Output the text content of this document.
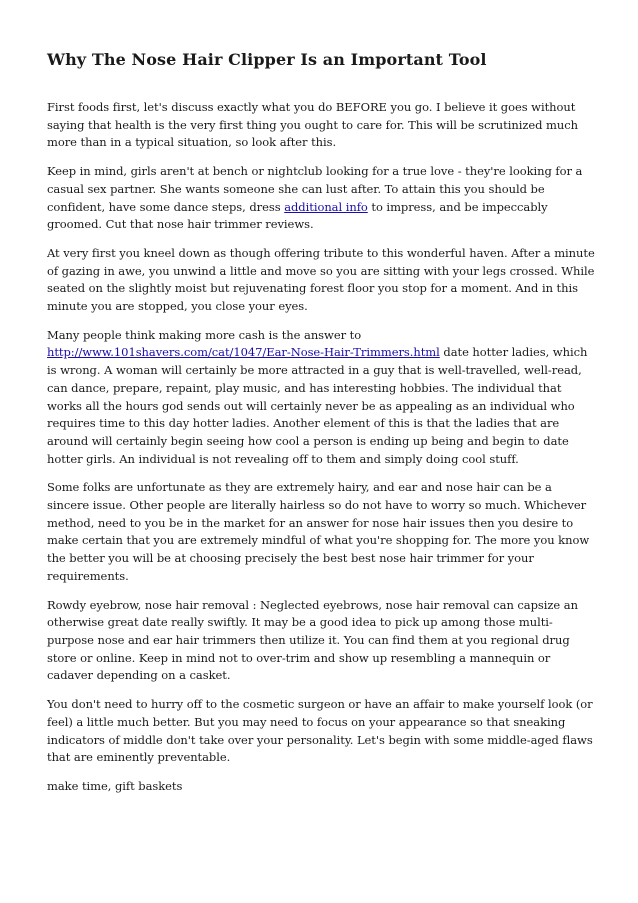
Why The Nose Hair Clipper Is an Important Tool

First foods first, let's discuss exactly what you do BEFORE you go. I believe it goes without saying that health is the very first thing you ought to care for. This will be scrutinized much more than in a typical situation, so look after this.

Keep in mind, girls aren't at bench or nightclub looking for a true love - they're looking for a casual sex partner. She wants someone she can lust after. To attain this you should be confident, have some dance steps, dress additional info to impress, and be impeccably groomed. Cut that nose hair trimmer reviews.

At very first you kneel down as though offering tribute to this wonderful haven. After a minute of gazing in awe, you unwind a little and move so you are sitting with your legs crossed. While seated on the slightly moist but rejuvenating forest floor you stop for a moment. And in this minute you are stopped, you close your eyes.

Many people think making more cash is the answer to http://www.101shavers.com/cat/1047/Ear-Nose-Hair-Trimmers.html date hotter ladies, which is wrong. A woman will certainly be more attracted in a guy that is well-travelled, well-read, can dance, prepare, repaint, play music, and has interesting hobbies. The individual that works all the hours god sends out will certainly never be as appealing as an individual who requires time to this day hotter ladies. Another element of this is that the ladies that are around will certainly begin seeing how cool a person is ending up being and begin to date hotter girls. An individual is not revealing off to them and simply doing cool stuff.

Some folks are unfortunate as they are extremely hairy, and ear and nose hair can be a sincere issue. Other people are literally hairless so do not have to worry so much. Whichever method, need to you be in the market for an answer for nose hair issues then you desire to make certain that you are extremely mindful of what you're shopping for. The more you know the better you will be at choosing precisely the best best nose hair trimmer for your requirements.

Rowdy eyebrow, nose hair removal : Neglected eyebrows, nose hair removal can capsize an otherwise great date really swiftly. It may be a good idea to pick up among those multi-purpose nose and ear hair trimmers then utilize it. You can find them at you regional drug store or online. Keep in mind not to over-trim and show up resembling a mannequin or cadaver depending on a casket.

You don't need to hurry off to the cosmetic surgeon or have an affair to make yourself look (or feel) a little much better. But you may need to focus on your appearance so that sneaking indicators of middle don't take over your personality. Let's begin with some middle-aged flaws that are eminently preventable.

make time, gift baskets
